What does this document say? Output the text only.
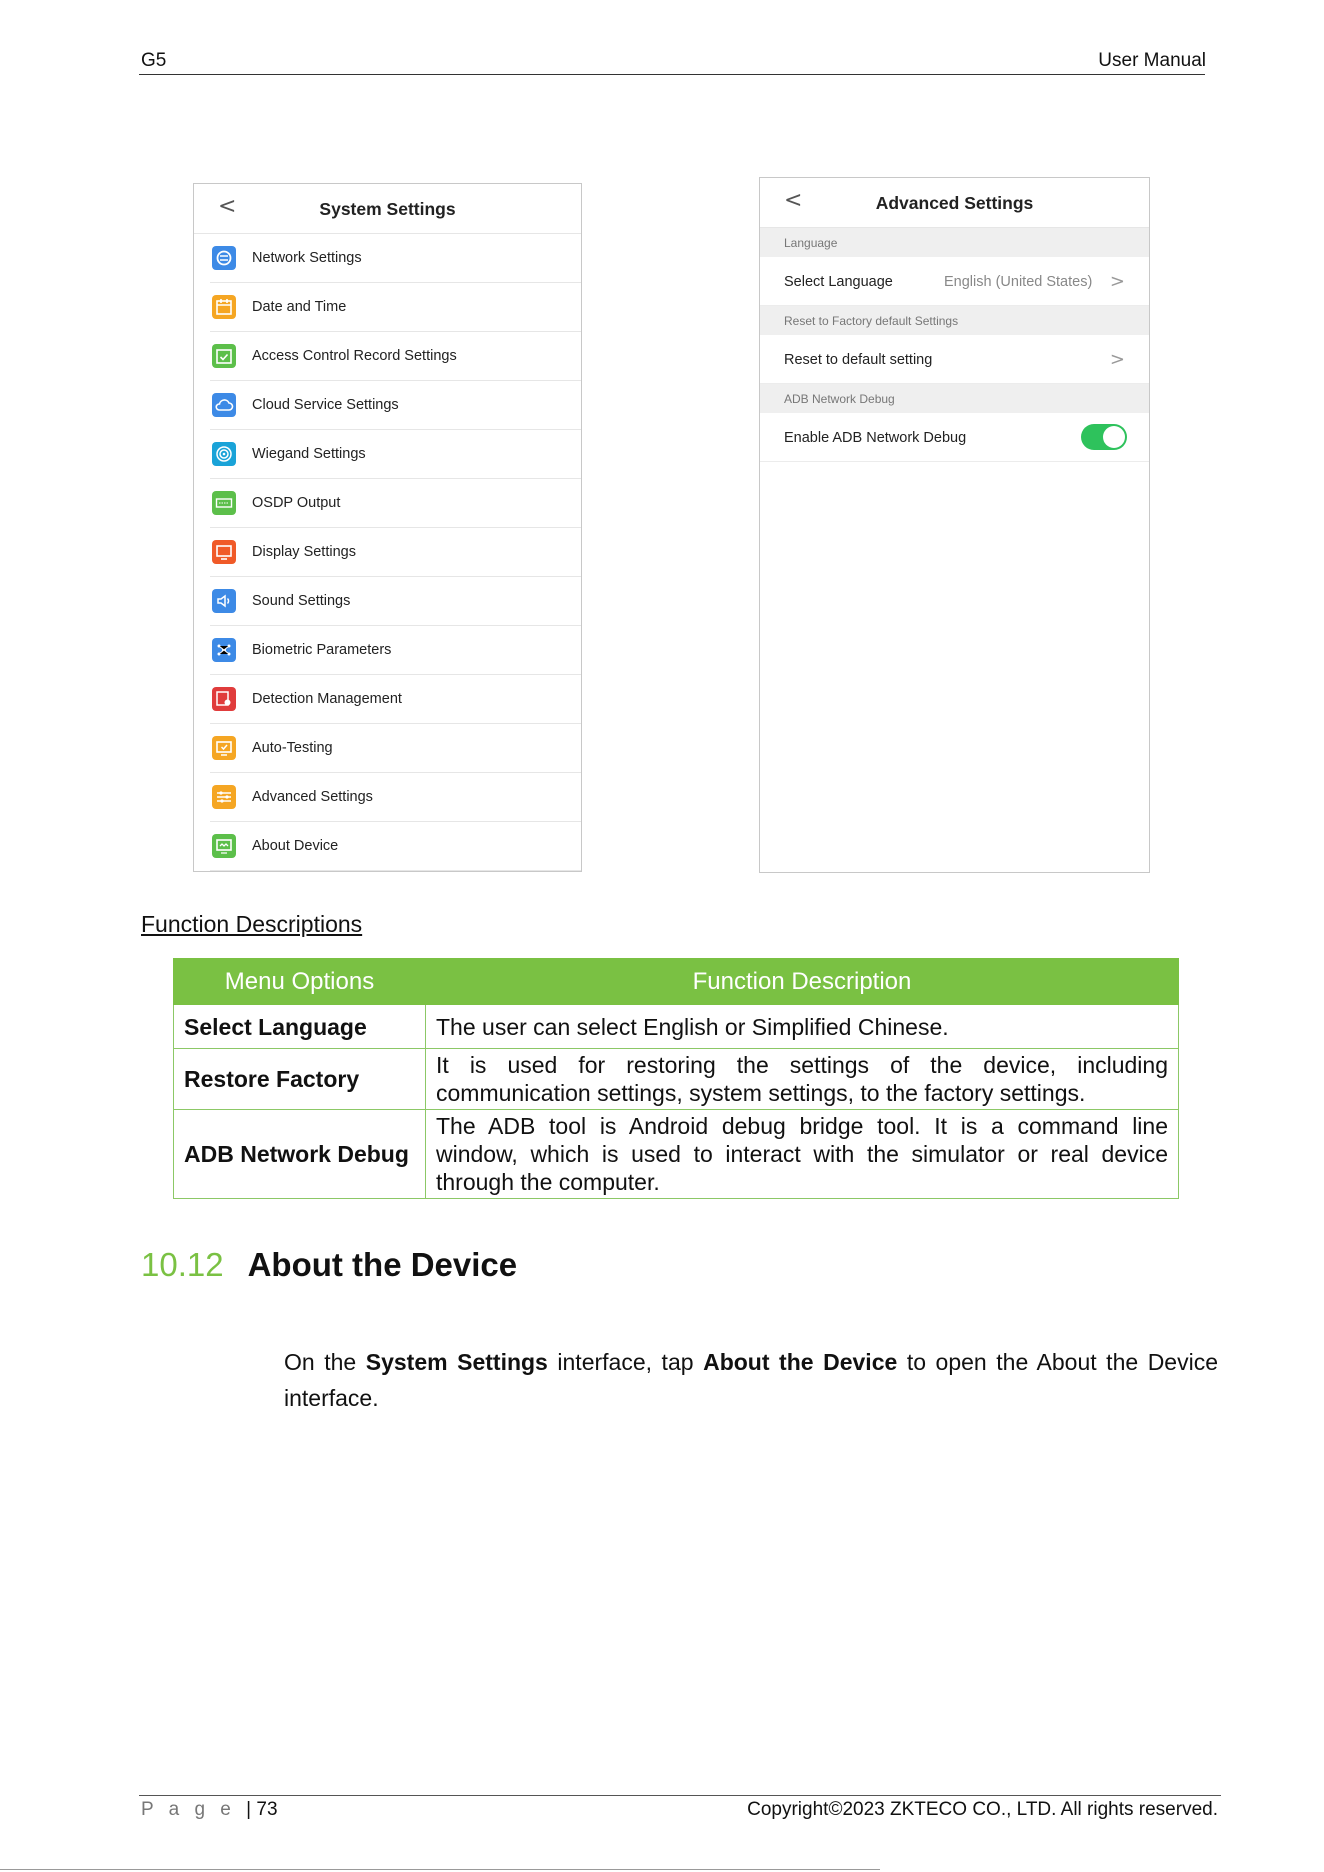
G5	User Manual
<	System Settings
Network Settings
Date and Time
Access Control Record Settings
Cloud Service Settings
Wiegand Settings
OSDP Output
Display Settings
Sound Settings
Biometric Parameters
Detection Management
Auto-Testing
Advanced Settings
About Device
<	Advanced Settings
Language
Select Language	English (United States) >
Reset to Factory default Settings
Reset to default setting	>
ADB Network Debug
Enable ADB Network Debug
Function Descriptions
Menu Options	Function Description
Select Language	The user can select English or Simplified Chinese.
Restore Factory	It is used for restoring the settings of the device, including communication settings, system settings, to the factory settings.
ADB Network Debug	The ADB tool is Android debug bridge tool. It is a command line window, which is used to interact with the simulator or real device through the computer.
10.12 About the Device

On the System Settings interface, tap About the Device to open the About the Device interface.

P a g e | 73	Copyright©2023 ZKTECO CO., LTD. All rights reserved.
